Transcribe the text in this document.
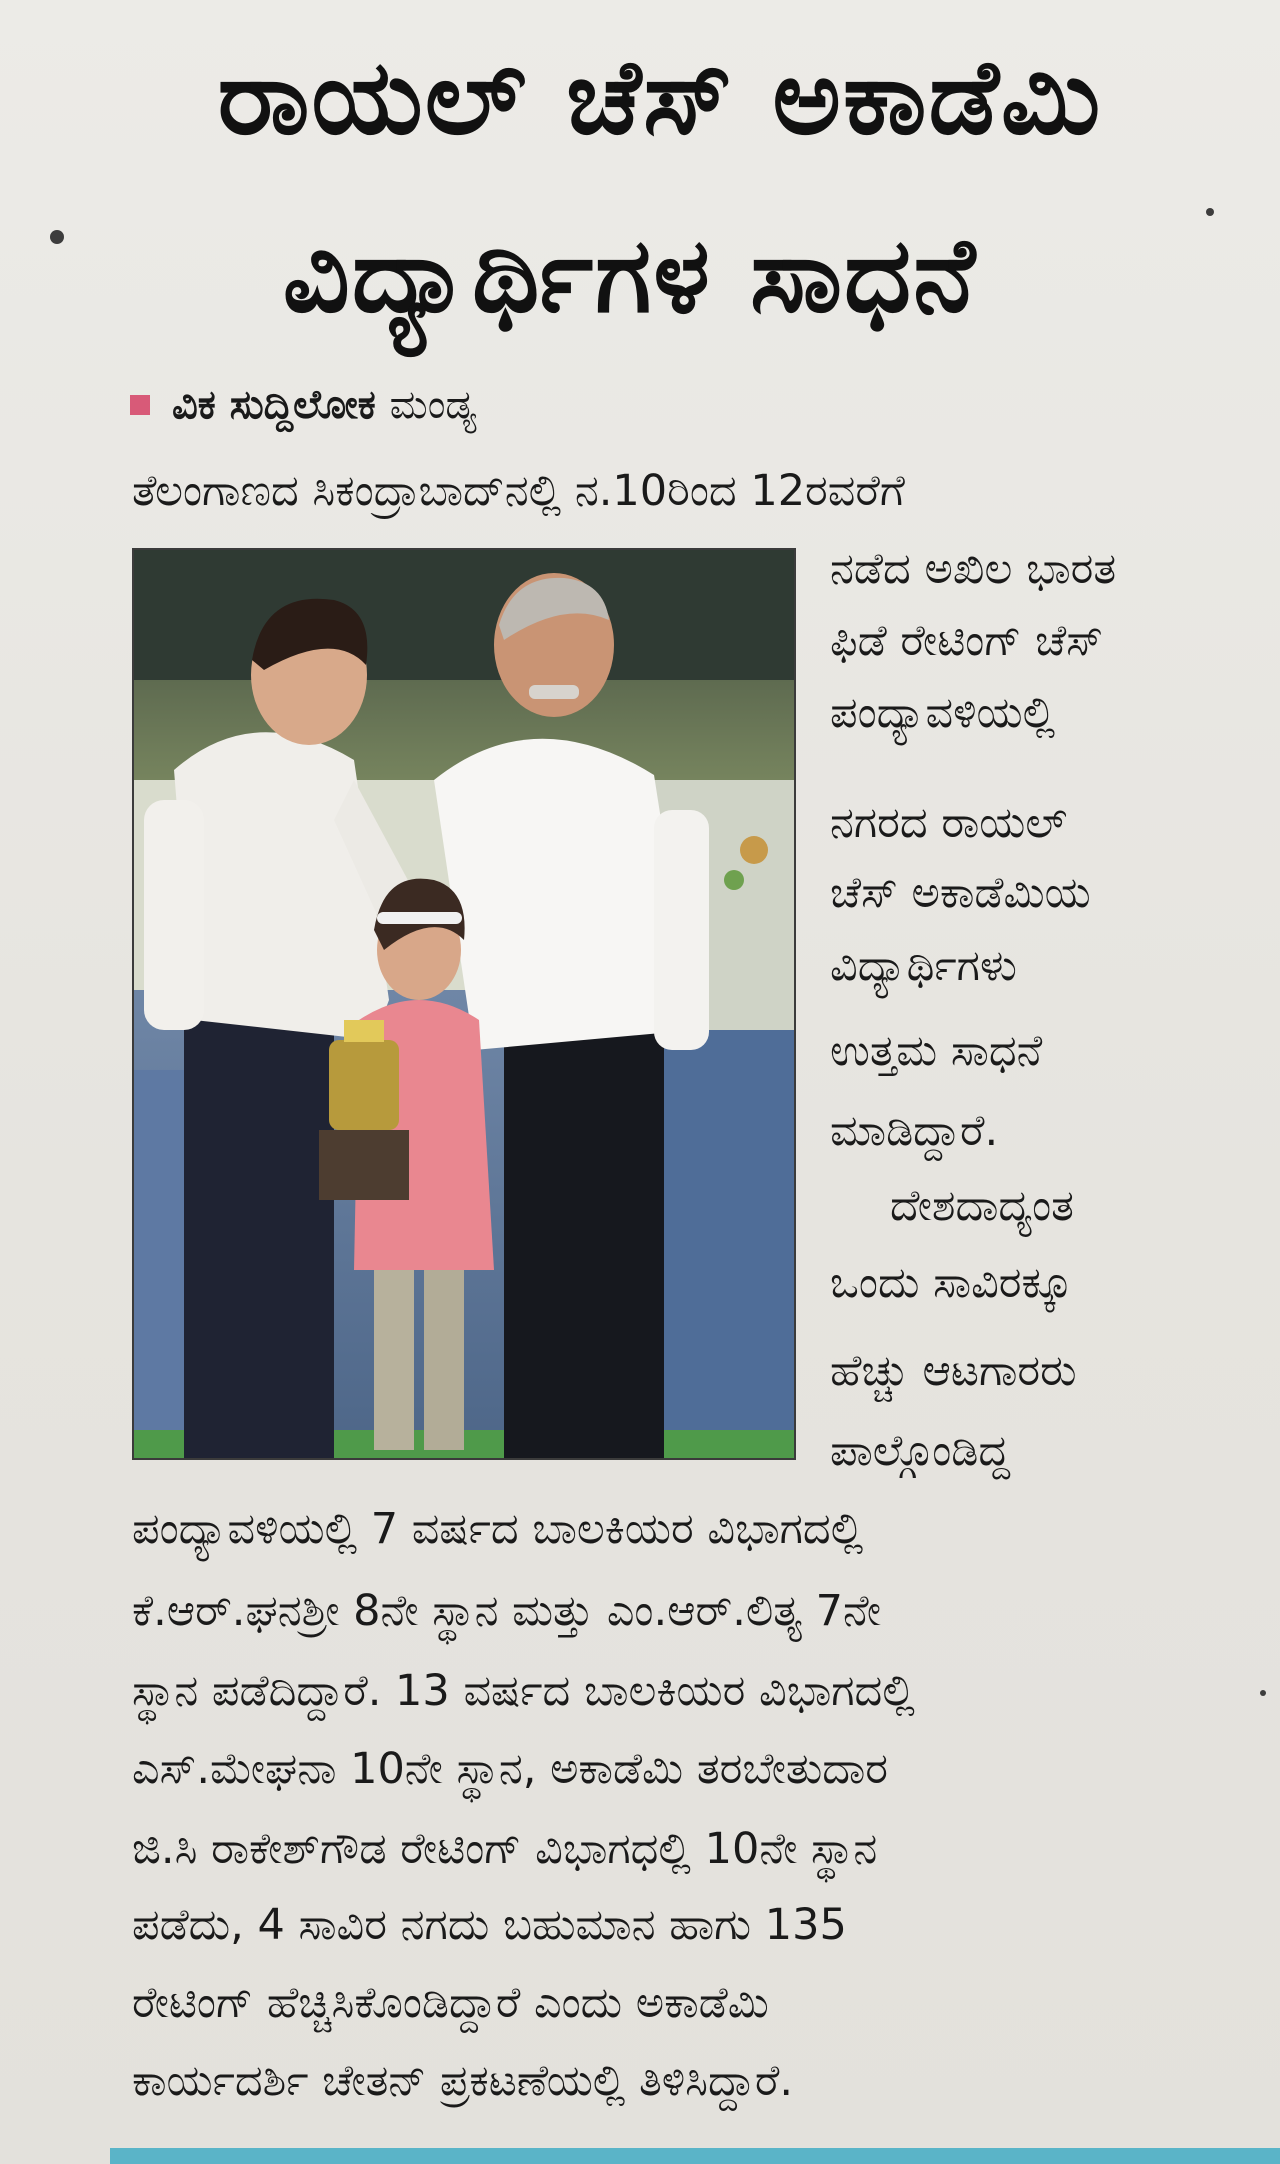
ರಾಯಲ್ ಚೆಸ್ ಅಕಾಡೆಮಿ
ವಿದ್ಯಾರ್ಥಿಗಳ ಸಾಧನೆ
ವಿಕ ಸುದ್ದಿಲೋಕ ಮಂಡ್ಯ
ತೆಲಂಗಾಣದ ಸಿಕಂದ್ರಾಬಾದ್‌ನಲ್ಲಿ ನ.10ರಿಂದ 12ರವರೆಗೆ
ನಡೆದ ಅಖಿಲ ಭಾರತ
ಫಿಡೆ ರೇಟಿಂಗ್ ಚೆಸ್
ಪಂದ್ಯಾವಳಿಯಲ್ಲಿ
ನಗರದ ರಾಯಲ್
ಚೆಸ್ ಅಕಾಡೆಮಿಯ
ವಿದ್ಯಾರ್ಥಿಗಳು
ಉತ್ತಮ ಸಾಧನೆ
ಮಾಡಿದ್ದಾರೆ.
ದೇಶದಾದ್ಯಂತ
ಒಂದು ಸಾವಿರಕ್ಕೂ
ಹೆಚ್ಚು ಆಟಗಾರರು
ಪಾಲ್ಗೊಂಡಿದ್ದ
ಪಂದ್ಯಾವಳಿಯಲ್ಲಿ 7 ವರ್ಷದ ಬಾಲಕಿಯರ ವಿಭಾಗದಲ್ಲಿ
ಕೆ.ಆರ್.ಘನಶ್ರೀ 8ನೇ ಸ್ಥಾನ ಮತ್ತು ಎಂ.ಆರ್.ಲಿತ್ಯ 7ನೇ
ಸ್ಥಾನ ಪಡೆದಿದ್ದಾರೆ. 13 ವರ್ಷದ ಬಾಲಕಿಯರ ವಿಭಾಗದಲ್ಲಿ
ಎಸ್.ಮೇಘನಾ 10ನೇ ಸ್ಥಾನ, ಅಕಾಡೆಮಿ ತರಬೇತುದಾರ
ಜಿ.ಸಿ ರಾಕೇಶ್‌ಗೌಡ ರೇಟಿಂಗ್ ವಿಭಾಗಧಲ್ಲಿ 10ನೇ ಸ್ಥಾನ
ಪಡೆದು, 4 ಸಾವಿರ ನಗದು ಬಹುಮಾನ ಹಾಗು 135
ರೇಟಿಂಗ್ ಹೆಚ್ಚಿಸಿಕೊಂಡಿದ್ದಾರೆ ಎಂದು ಅಕಾಡೆಮಿ
ಕಾರ್ಯದರ್ಶಿ ಚೇತನ್ ಪ್ರಕಟಣೆಯಲ್ಲಿ ತಿಳಿಸಿದ್ದಾರೆ.
